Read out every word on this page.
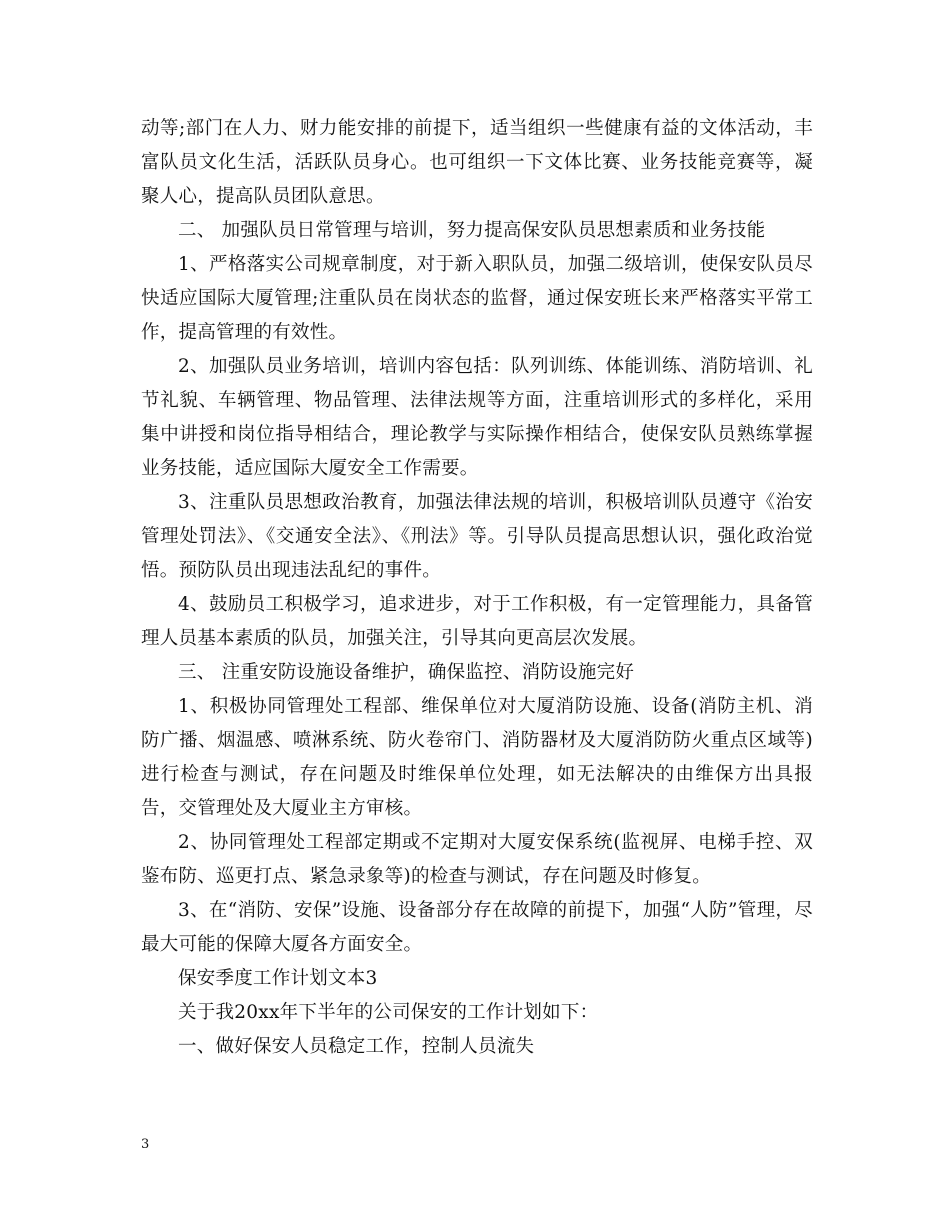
动等;部门在人力、财力能安排的前提下，适当组织一些健康有益的文体活动，丰富队员文化生活，活跃队员身心。也可组织一下文体比赛、业务技能竞赛等，凝聚人心，提高队员团队意思。

二、 加强队员日常管理与培训，努力提高保安队员思想素质和业务技能

1、严格落实公司规章制度，对于新入职队员，加强二级培训，使保安队员尽快适应国际大厦管理;注重队员在岗状态的监督，通过保安班长来严格落实平常工作，提高管理的有效性。

2、加强队员业务培训，培训内容包括：队列训练、体能训练、消防培训、礼节礼貌、车辆管理、物品管理、法律法规等方面，注重培训形式的多样化，采用集中讲授和岗位指导相结合，理论教学与实际操作相结合，使保安队员熟练掌握业务技能，适应国际大厦安全工作需要。

3、注重队员思想政治教育，加强法律法规的培训，积极培训队员遵守《治安管理处罚法》、《交通安全法》、《刑法》等。引导队员提高思想认识，强化政治觉悟。预防队员出现违法乱纪的事件。

4、鼓励员工积极学习，追求进步，对于工作积极，有一定管理能力，具备管理人员基本素质的队员，加强关注，引导其向更高层次发展。

三、 注重安防设施设备维护，确保监控、消防设施完好

1、积极协同管理处工程部、维保单位对大厦消防设施、设备(消防主机、消防广播、烟温感、喷淋系统、防火卷帘门、消防器材及大厦消防防火重点区域等)进行检查与测试，存在问题及时维保单位处理，如无法解决的由维保方出具报告，交管理处及大厦业主方审核。

2、协同管理处工程部定期或不定期对大厦安保系统(监视屏、电梯手控、双鉴布防、巡更打点、紧急录象等)的检查与测试，存在问题及时修复。

3、在“消防、安保”设施、设备部分存在故障的前提下，加强“人防”管理，尽最大可能的保障大厦各方面安全。

保安季度工作计划文本3

关于我20xx年下半年的公司保安的工作计划如下：

一、做好保安人员稳定工作，控制人员流失

3
